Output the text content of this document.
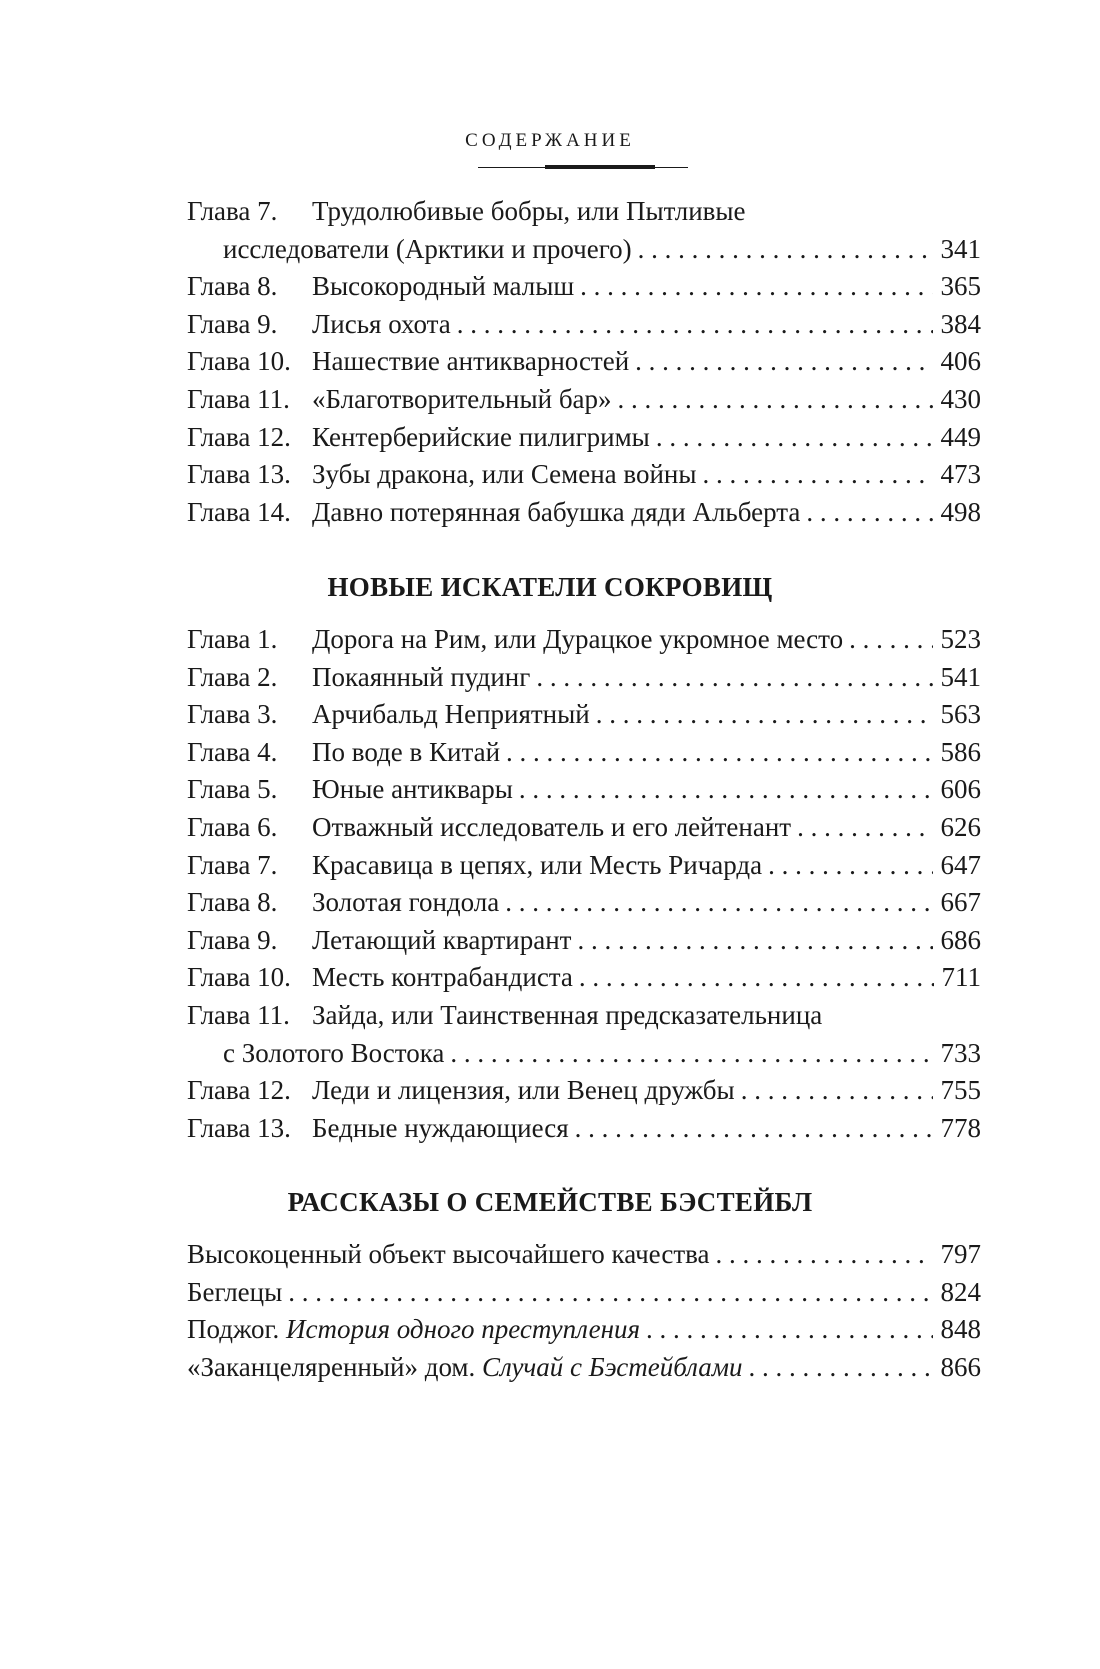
СОДЕРЖАНИЕ
Глава 7. Трудолюбивые бобры, или Пытливые
исследователи (Арктики и прочего) . . .	341
Глава 8. Высокородный малыш . . .	365
Глава 9. Лисья охота . . .	384
Глава 10. Нашествие антикварностей . . .	406
Глава 11. «Благотворительный бар» . . .	430
Глава 12. Кентерберийские пилигримы . . .	449
Глава 13. Зубы дракона, или Семена войны . . .	473
Глава 14. Давно потерянная бабушка дяди Альберта . . .	498
НОВЫЕ ИСКАТЕЛИ СОКРОВИЩ
Глава 1. Дорога на Рим, или Дурацкое укромное место . . .	523
Глава 2. Покаянный пудинг . . .	541
Глава 3. Арчибальд Неприятный . . .	563
Глава 4. По воде в Китай . . .	586
Глава 5. Юные антиквары . . .	606
Глава 6. Отважный исследователь и его лейтенант . . .	626
Глава 7. Красавица в цепях, или Месть Ричарда . . .	647
Глава 8. Золотая гондола . . .	667
Глава 9. Летающий квартирант . . .	686
Глава 10. Месть контрабандиста . . .	711
Глава 11. Зайда, или Таинственная предсказательница
с Золотого Востока . . .	733
Глава 12. Леди и лицензия, или Венец дружбы . . .	755
Глава 13. Бедные нуждающиеся . . .	778
РАССКАЗЫ О СЕМЕЙСТВЕ БЭСТЕЙБЛ
Высокоценный объект высочайшего качества . . .	797
Беглецы . . .	824
Поджог. История одного преступления . . .	848
«Заканцеляренный» дом. Случай с Бэстейблами . . .	866
